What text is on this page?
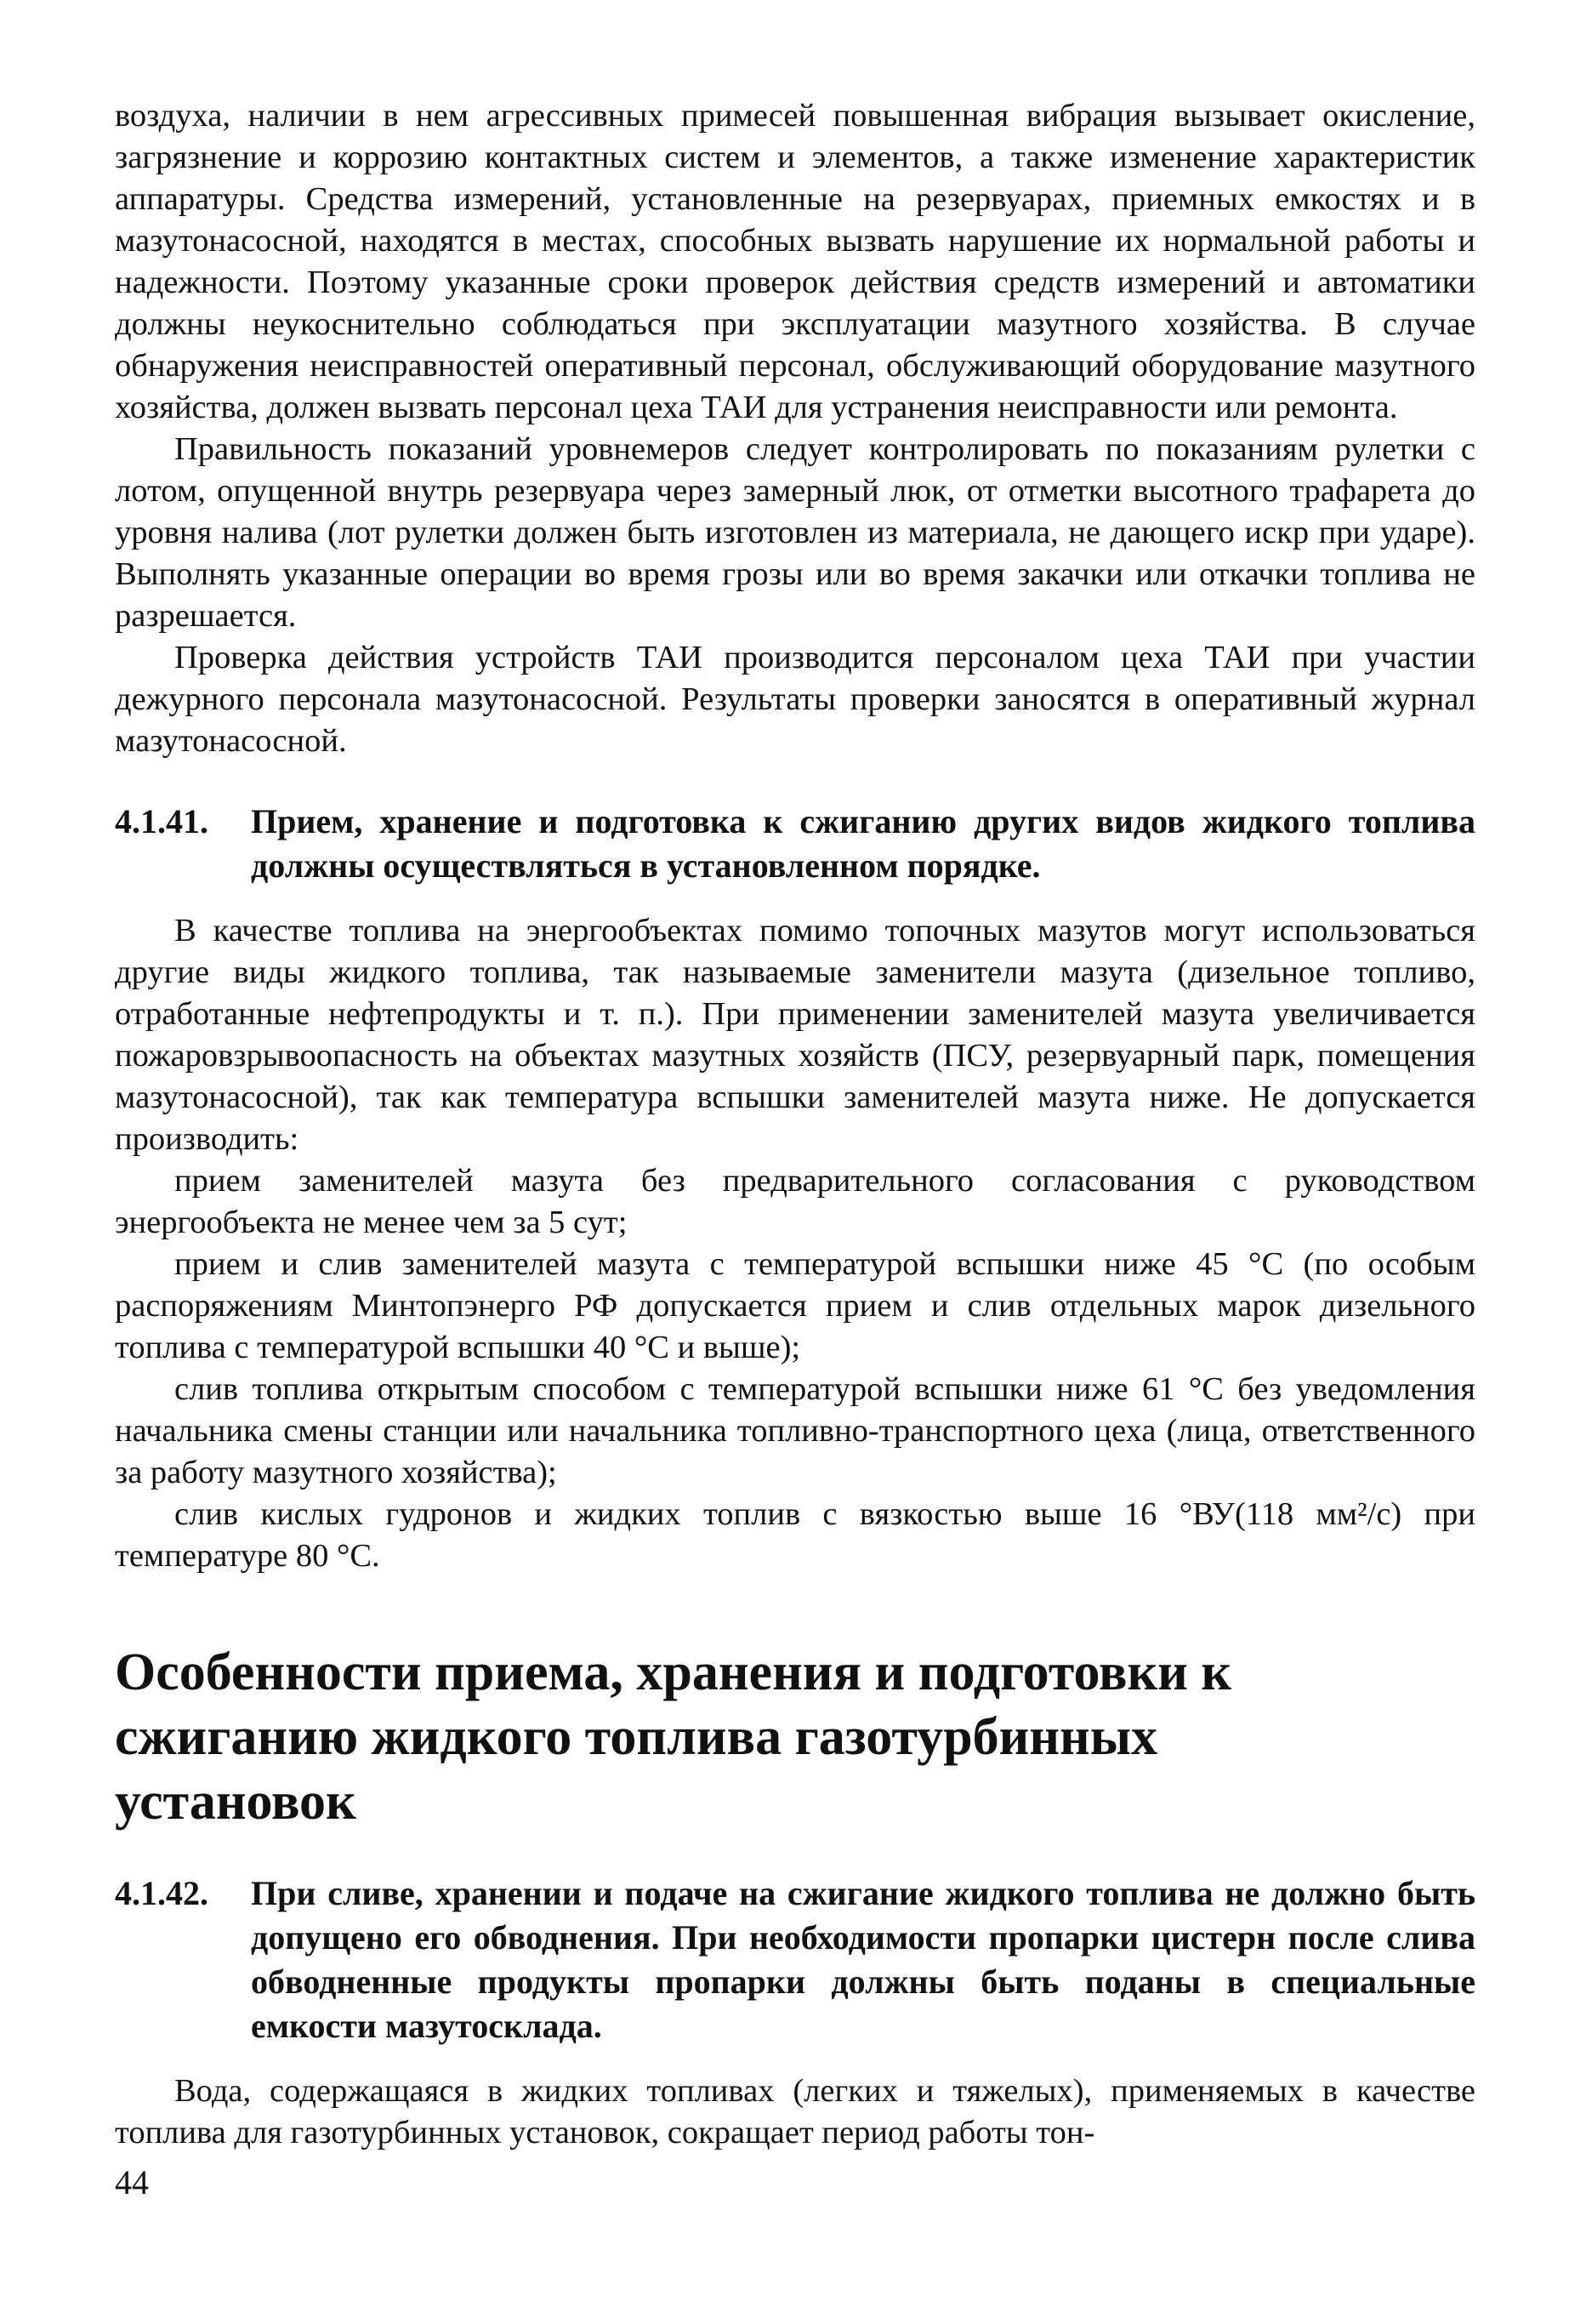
воздуха, наличии в нем агрессивных примесей повышенная вибрация вызывает окисление, загрязнение и коррозию контактных систем и элементов, а также изменение характеристик аппаратуры. Средства измерений, установленные на резервуарах, приемных емкостях и в мазутонасосной, находятся в местах, способных вызвать нарушение их нормальной работы и надежности. Поэтому указанные сроки проверок действия средств измерений и автоматики должны неукоснительно соблюдаться при эксплуатации мазутного хозяйства. В случае обнаружения неисправностей оперативный персонал, обслуживающий оборудование мазутного хозяйства, должен вызвать персонал цеха ТАИ для устранения неисправности или ремонта.

Правильность показаний уровнемеров следует контролировать по показаниям рулетки с лотом, опущенной внутрь резервуара через замерный люк, от отметки высотного трафарета до уровня налива (лот рулетки должен быть изготовлен из материала, не дающего искр при ударе). Выполнять указанные операции во время грозы или во время закачки или откачки топлива не разрешается.

Проверка действия устройств ТАИ производится персоналом цеха ТАИ при участии дежурного персонала мазутонасосной. Результаты проверки заносятся в оперативный журнал мазутонасосной.

4.1.41.	Прием, хранение и подготовка к сжиганию других видов жидкого топлива должны осуществляться в установленном порядке.

В качестве топлива на энергообъектах помимо топочных мазутов могут использоваться другие виды жидкого топлива, так называемые заменители мазута (дизельное топливо, отработанные нефтепродукты и т. п.). При применении заменителей мазута увеличивается пожаровзрывоопасность на объектах мазутных хозяйств (ПСУ, резервуарный парк, помещения мазутонасосной), так как температура вспышки заменителей мазута ниже. Не допускается производить:

прием заменителей мазута без предварительного согласования с руководством энергообъекта не менее чем за 5 сут;

прием и слив заменителей мазута с температурой вспышки ниже 45 °С (по особым распоряжениям Минтопэнерго РФ допускается прием и слив отдельных марок дизельного топлива с температурой вспышки 40 °С и выше);

слив топлива открытым способом с температурой вспышки ниже 61 °С без уведомления начальника смены станции или начальника топливно-транспортного цеха (лица, ответственного за работу мазутного хозяйства);

слив кислых гудронов и жидких топлив с вязкостью выше 16 °ВУ(118 мм²/с) при температуре 80 °С.

Особенности приема, хранения и подготовки к сжиганию жидкого топлива газотурбинных установок
4.1.42.	При сливе, хранении и подаче на сжигание жидкого топлива не должно быть допущено его обводнения. При необходимости пропарки цистерн после слива обводненные продукты пропарки должны быть поданы в специальные емкости мазутосклада.

Вода, содержащаяся в жидких топливах (легких и тяжелых), применяемых в качестве топлива для газотурбинных установок, сокращает период работы тон-

44
